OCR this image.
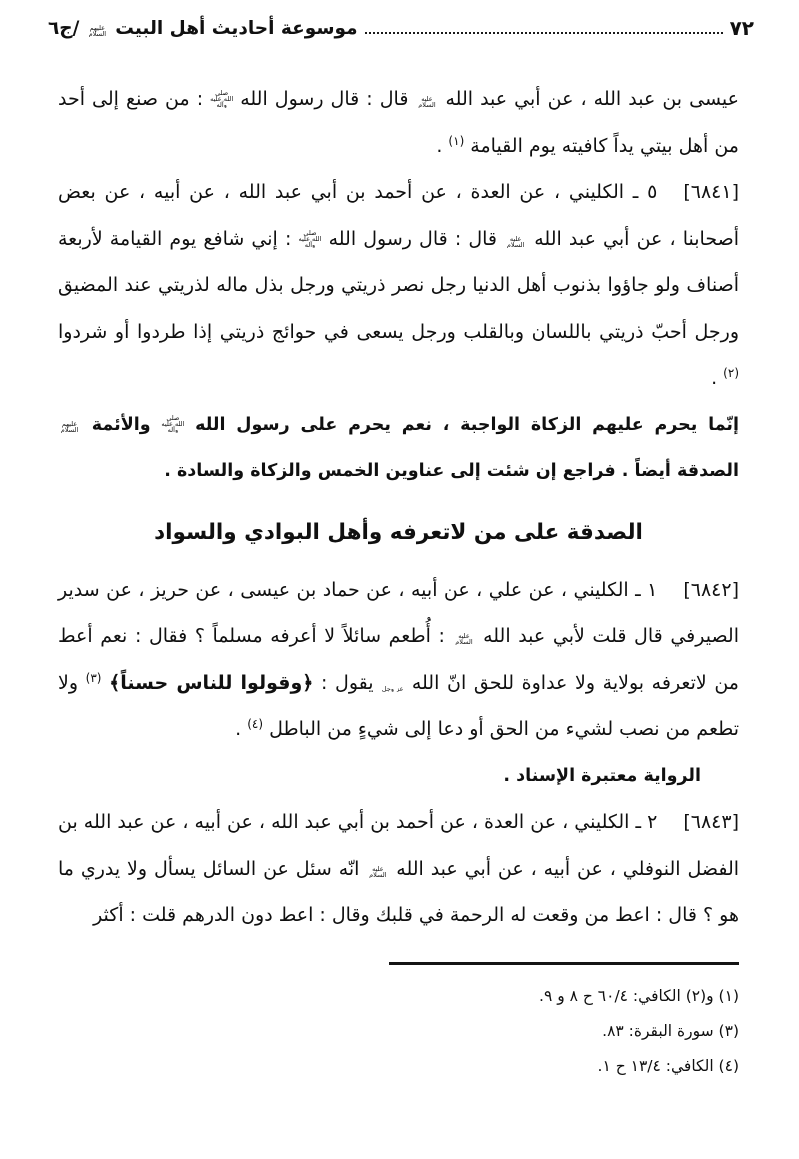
٧٢
موسوعة أحاديث أهل البيت عليهم السلام /ج٦

عيسى بن عبد الله ، عن أبي عبد الله عليه السلام قال : قال رسول الله صلى الله عليه وآله : من صنع إلى أحد من أهل بيتي يداً كافيته يوم القيامة $^{(١)}$ .

[٦٨٤١]٥ ـ الكليني ، عن العدة ، عن أحمد بن أبي عبد الله ، عن أبيه ، عن بعض أصحابنا ، عن أبي عبد الله عليه السلام قال : قال رسول الله صلى الله عليه وآله : إني شافع يوم القيامة لأربعة أصناف ولو جاؤوا بذنوب أهل الدنيا رجل نصر ذريتي ورجل بذل ماله لذريتي عند المضيق ورجل أحبّ ذريتي باللسان وبالقلب ورجل يسعى في حوائج ذريتي إذا طردوا أو شردوا $^{(٢)}$ .

إنّما يحرم عليهم الزكاة الواجبة ، نعم يحرم على رسول الله صلى الله عليه وآله والأئمة عليهم السلام الصدقة أيضاً . فراجع إن شئت إلى عناوين الخمس والزكاة والسادة .

الصدقة على من لاتعرفه وأهل البوادي والسواد

[٦٨٤٢]١ ـ الكليني ، عن علي ، عن أبيه ، عن حماد بن عيسى ، عن حريز ، عن سدير الصيرفي قال قلت لأبي عبد الله عليه السلام : أُطعم سائلاً لا أعرفه مسلماً ؟ فقال : نعم أعط من لاتعرفه بولاية ولا عداوة للحق انّ الله عز وجل يقول : ﴿وقولوا للناس حسناً﴾ $^{(٣)}$ ولا تطعم من نصب لشيء من الحق أو دعا إلى شيءٍ من الباطل $^{(٤)}$ .

الرواية معتبرة الإسناد .

[٦٨٤٣]٢ ـ الكليني ، عن العدة ، عن أحمد بن أبي عبد الله ، عن أبيه ، عن عبد الله بن الفضل النوفلي ، عن أبيه ، عن أبي عبد الله عليه السلام انّه سئل عن السائل يسأل ولا يدري ما هو ؟ قال : اعط من وقعت له الرحمة في قلبك وقال : اعط دون الدرهم قلت : أكثر

(١) و(٢) الكافي: ٦٠/٤ ح ٨ و ٩.
(٣) سورة البقرة: ٨٣.
(٤) الكافي: ١٣/٤ ح ١.
